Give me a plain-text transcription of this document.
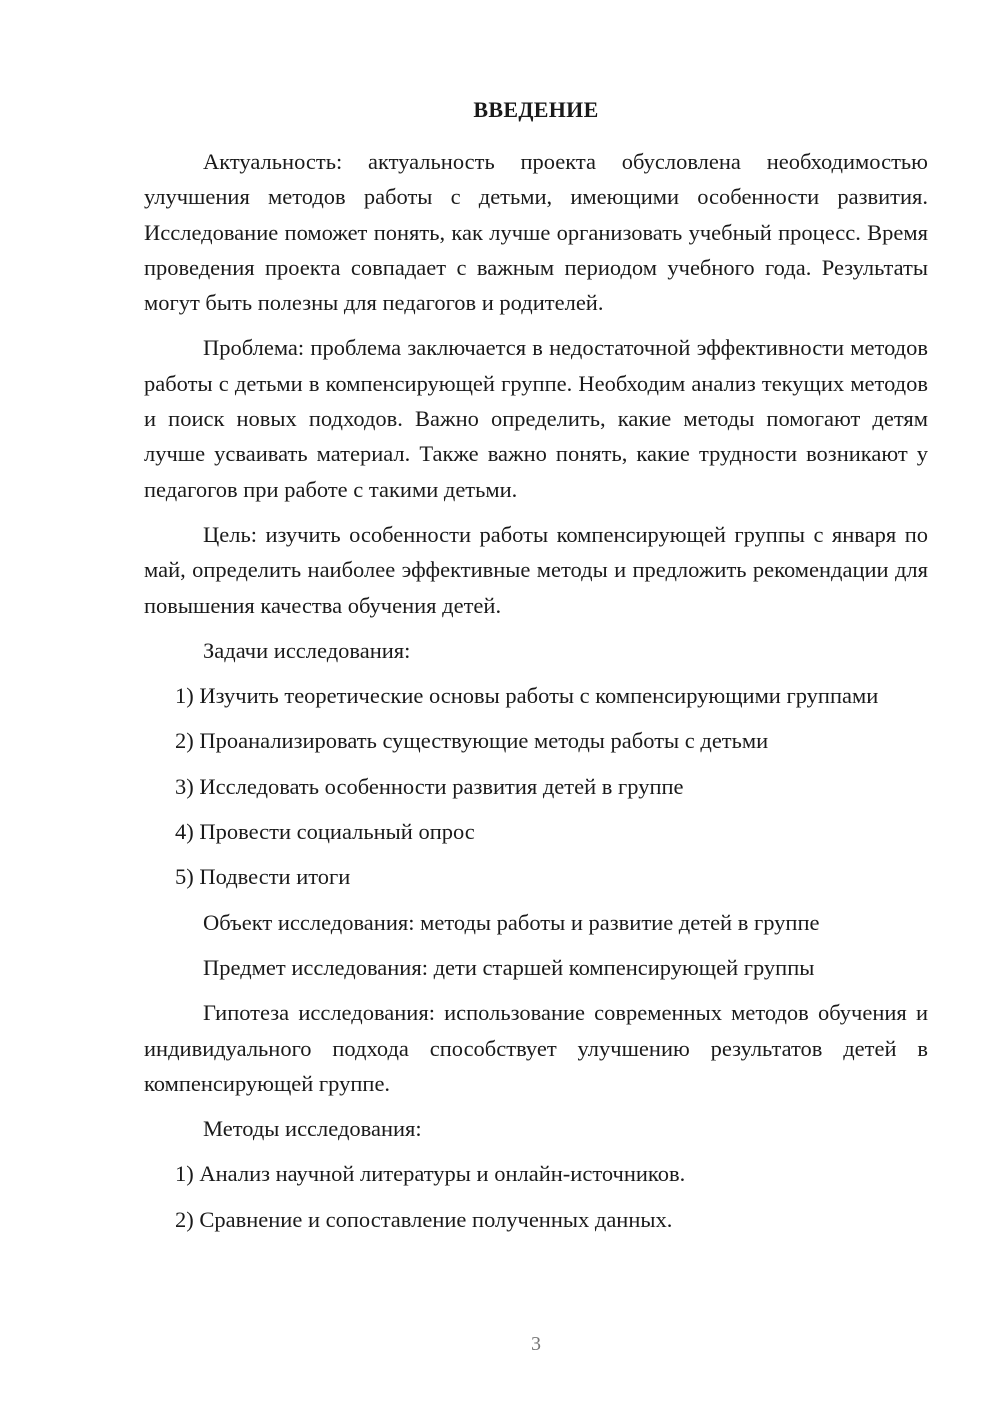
ВВЕДЕНИЕ

Актуальность: актуальность проекта обусловлена необходимостью улучшения методов работы с детьми, имеющими особенности развития. Исследование поможет понять, как лучше организовать учебный процесс. Время проведения проекта совпадает с важным периодом учебного года. Результаты могут быть полезны для педагогов и родителей.

Проблема: проблема заключается в недостаточной эффективности методов работы с детьми в компенсирующей группе. Необходим анализ текущих методов и поиск новых подходов. Важно определить, какие методы помогают детям лучше усваивать материал. Также важно понять, какие трудности возникают у педагогов при работе с такими детьми.

Цель: изучить особенности работы компенсирующей группы с января по май, определить наиболее эффективные методы и предложить рекомендации для повышения качества обучения детей.

Задачи исследования:

1) Изучить теоретические основы работы с компенсирующими группами

2) Проанализировать существующие методы работы с детьми

3) Исследовать особенности развития детей в группе

4) Провести социальный опрос

5) Подвести итоги

Объект исследования: методы работы и развитие детей в группе

Предмет исследования: дети старшей компенсирующей группы

Гипотеза исследования: использование современных методов обучения и индивидуального подхода способствует улучшению результатов детей в компенсирующей группе.

Методы исследования:

1) Анализ научной литературы и онлайн-источников.

2) Сравнение и сопоставление полученных данных.

3
